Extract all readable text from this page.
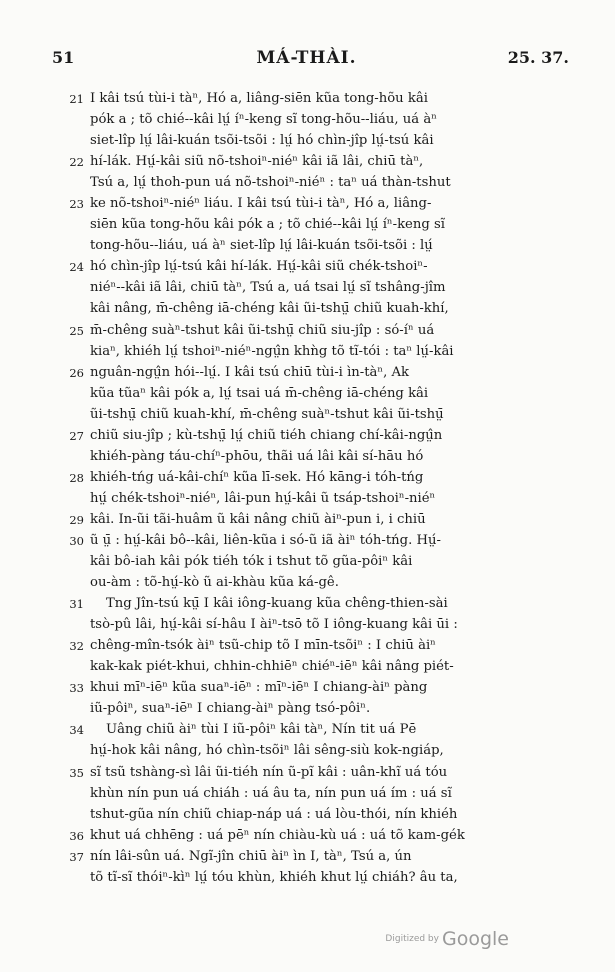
51	MÁ-THÀI.	25. 37.
21 I kâi tsú tùi-i tàⁿ, Hó a, liâng-siēn kũa tong-hõu kâi
pók a ; tõ chié--kâi lṳ́ íⁿ-keng sĩ tong-hõu--liáu, uá àⁿ
siet-lîp lṳ́ lâi-kuán tsõi-tsõi : lṳ́ hó chìn-jîp lṳ́-tsú kâi
22 hí-lák. Hṳ́-kâi siũ nõ-tshoiⁿ-niéⁿ kâi iã lâi, chiū tàⁿ,
Tsú a, lṳ́ thoh-pun uá nõ-tshoiⁿ-niéⁿ : taⁿ uá thàn-tshut
23 ke nõ-tshoiⁿ-niéⁿ liáu. I kâi tsú tùi-i tàⁿ, Hó a, liâng-
siēn kũa tong-hõu kâi pók a ; tõ chié--kâi lṳ́ íⁿ-keng sĩ
tong-hõu--liáu, uá àⁿ siet-lîp lṳ́ lâi-kuán tsõi-tsõi : lṳ́
24 hó chìn-jîp lṳ́-tsú kâi hí-lák. Hṳ́-kâi siũ chék-tshoiⁿ-
niéⁿ--kâi iã lâi, chiū tàⁿ, Tsú a, uá tsai lṳ́ sĩ tshâng-jîm
kâi nâng, m̄-chêng iā-chéng kâi ũi-tshṳ̄ chiũ kuah-khí,
25 m̄-chêng suàⁿ-tshut kâi ũi-tshṳ̄ chiũ siu-jîp : só-íⁿ uá
kiaⁿ, khiéh lṳ́ tshoiⁿ-niéⁿ-ngṳ̂n khǹg tõ tĩ-tói : taⁿ lṳ́-kâi
26 nguân-ngṳ̂n hói--lṳ́. I kâi tsú chiū tùi-i ìn-tàⁿ, Ak
kũa tũaⁿ kâi pók a, lṳ́ tsai uá m̄-chêng iā-chéng kâi
ũi-tshṳ̄ chiũ kuah-khí, m̄-chêng suàⁿ-tshut kâi ũi-tshṳ̄
27 chiũ siu-jîp ; kù-tshṳ̄ lṳ́ chiũ tiéh chiang chí-kâi-ngṳ̂n
khiéh-pàng táu-chíⁿ-phōu, thãi uá lâi kâi sí-hāu hó
28 khiéh-tńg uá-kâi-chíⁿ kũa lī-sek. Hó kāng-i tóh-tńg
hṳ́ chék-tshoiⁿ-niéⁿ, lâi-pun hṳ́-kâi ũ tsáp-tshoiⁿ-niéⁿ
29 kâi. In-ũi tãi-huâm ũ kâi nâng chiũ àiⁿ-pun i, i chiū
30 ũ ṳ̄ : hṳ́-kâi bô--kâi, liên-kũa i só-ũ iã àiⁿ tóh-tńg. Hṳ́-
kâi bô-iah kâi pók tiéh tók i tshut tõ gũa-pôiⁿ kâi
ou-àm : tõ-hṳ́-kò ũ ai-khàu kũa ká-gê.
31 Tng Jîn-tsú kṳ̄ I kâi iông-kuang kũa chêng-thien-sài
tsò-pû lâi, hṳ́-kâi sí-hâu I àiⁿ-tsō tõ I iông-kuang kâi ūi :
32 chêng-mîn-tsók àiⁿ tsũ-chip tõ I mīn-tsõiⁿ : I chiū àiⁿ
kak-kak piét-khui, chhin-chhiēⁿ chiéⁿ-iēⁿ kâi nâng piét-
33 khui mīⁿ-iēⁿ kũa suaⁿ-iēⁿ : mīⁿ-iēⁿ I chiang-àiⁿ pàng
iũ-pôiⁿ, suaⁿ-iēⁿ I chiang-àiⁿ pàng tsó-pôiⁿ.
34 Uâng chiũ àiⁿ tùi I iũ-pôiⁿ kâi tàⁿ, Nín tit uá Pē
hṳ́-hok kâi nâng, hó chìn-tsõiⁿ lâi sêng-siù kok-ngiáp,
35 sĩ tsũ tshàng-sì lâi ũi-tiéh nín ũ-pĩ kâi : uân-khĩ uá tóu
khùn nín pun uá chiáh : uá âu ta, nín pun uá ím : uá sĩ
tshut-gũa nín chiũ chiap-náp uá : uá lòu-thói, nín khiéh
36 khut uá chhēng : uá pēⁿ nín chiàu-kù uá : uá tõ kam-gék
37 nín lâi-sûn uá. Ngĩ-jîn chiū àiⁿ ìn I, tàⁿ, Tsú a, ún
tõ tĩ-sĩ thóiⁿ-kìⁿ lṳ́ tóu khùn, khiéh khut lṳ́ chiáh? âu ta,
Digitized by Google
